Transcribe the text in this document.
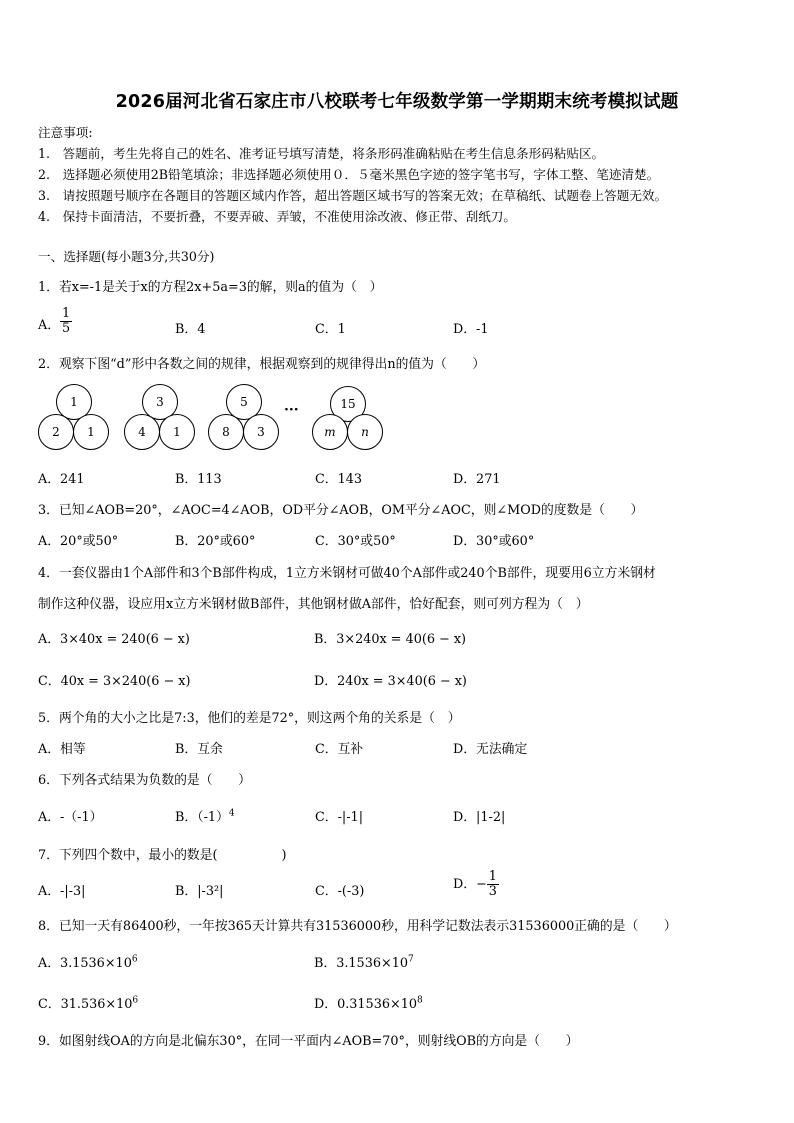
2026届河北省石家庄市八校联考七年级数学第一学期期末统考模拟试题
注意事项:
1.　答题前，考生先将自己的姓名、准考证号填写清楚，将条形码准确粘贴在考生信息条形码粘贴区。
2.　选择题必须使用2B铅笔填涂；非选择题必须使用０．５毫米黑色字迹的签字笔书写，字体工整、笔迹清楚。
3.　请按照题号顺序在各题目的答题区域内作答，超出答题区域书写的答案无效；在草稿纸、试题卷上答题无效。
4.　保持卡面清洁，不要折叠，不要弄破、弄皱，不准使用涂改液、修正带、刮纸刀。
一、选择题(每小题3分,共30分)
1．若x=-1是关于x的方程2x+5a=3的解，则a的值为（　）
A． $\frac{1}{5}$	B．4	C．1	D．-1
2．观察下图“d”形中各数之间的规律，根据观察到的规律得出n的值为（　　）
1
2	1
3
4	1
5
8	3
···	15
m	n
A．241	B．113	C．143	D．271
3．已知∠AOB=20°，∠AOC=4∠AOB，OD平分∠AOB，OM平分∠AOC，则∠MOD的度数是（　　）
A．20°或50°	B．20°或60°	C．30°或50°	D．30°或60°
4．一套仪器由1个A部件和3个B部件构成，1立方米钢材可做40个A部件或240个B部件，现要用6立方米钢材
制作这种仪器，设应用x立方米钢材做B部件，其他钢材做A部件，恰好配套，则可列方程为（　）
A．3×40x = 240(6 − x)	B．3×240x = 40(6 − x)
C．40x = 3×240(6 − x)	D．240x = 3×40(6 − x)
5．两个角的大小之比是7:3，他们的差是72°，则这两个角的关系是（　）
A．相等	B．互余	C．互补	D．无法确定
6．下列各式结果为负数的是（　　）
A．-（-1）	B．$(-1)^4$	C．-|-1|	D．|1-2|
7．下列四个数中，最小的数是(　　　　　)
A．-|-3|	B．|-3²|	C．-(-3)	D．− $\frac{1}{3}$
8．已知一天有86400秒，一年按365天计算共有31536000秒，用科学记数法表示31536000正确的是（　　）
A．$3.1536\times 10^6$	B．$3.1536\times 10^7$
C．$31.536\times 10^6$	D．$0.31536\times 10^8$
9．如图射线OA的方向是北偏东30°，在同一平面内∠AOB=70°，则射线OB的方向是（　　）
